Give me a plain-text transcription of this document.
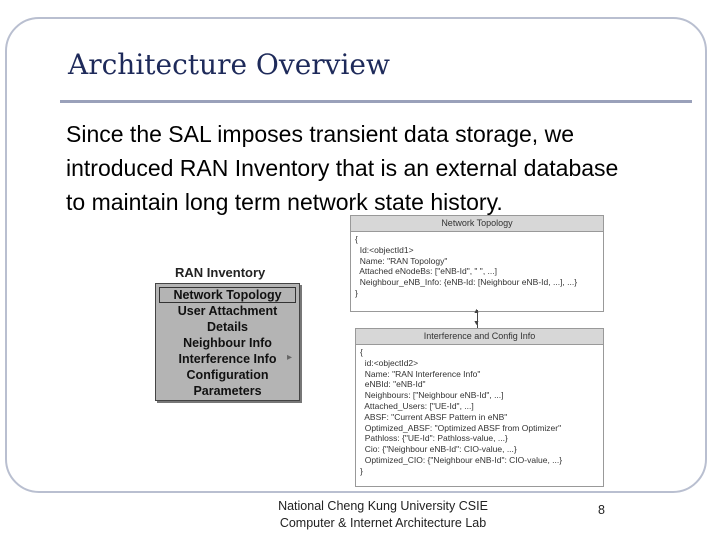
Architecture Overview
Since the SAL imposes transient data storage, we introduced RAN Inventory that is an external database to maintain long term network state history.
RAN Inventory
Network Topology
User Attachment
Details
Neighbour Info
Interference Info
Configuration
Parameters
▸
Network Topology
{
Id:<objectId1>
Name: "RAN Topology"
Attached eNodeBs: ["eNB-Id", " ", ...]
Neighbour_eNB_Info: {eNB-Id: [Neighbour eNB-Id, ...], ...}
}
▲
▼
Interference and Config Info
{
id:<objectId2>
Name: "RAN Interference Info"
eNBId: "eNB-Id"
Neighbours: ["Neighbour eNB-Id", ...]
Attached_Users: ["UE-Id", ...]
ABSF: "Current ABSF Pattern in eNB"
Optimized_ABSF: "Optimized ABSF from Optimizer"
Pathloss: {"UE-Id": Pathloss-value, ...}
Cio: {"Neighbour eNB-Id": CIO-value, ...}
Optimized_CIO: {"Neighbour eNB-Id": CIO-value, ...}
}
National Cheng Kung University CSIE
Computer & Internet Architecture Lab
8
